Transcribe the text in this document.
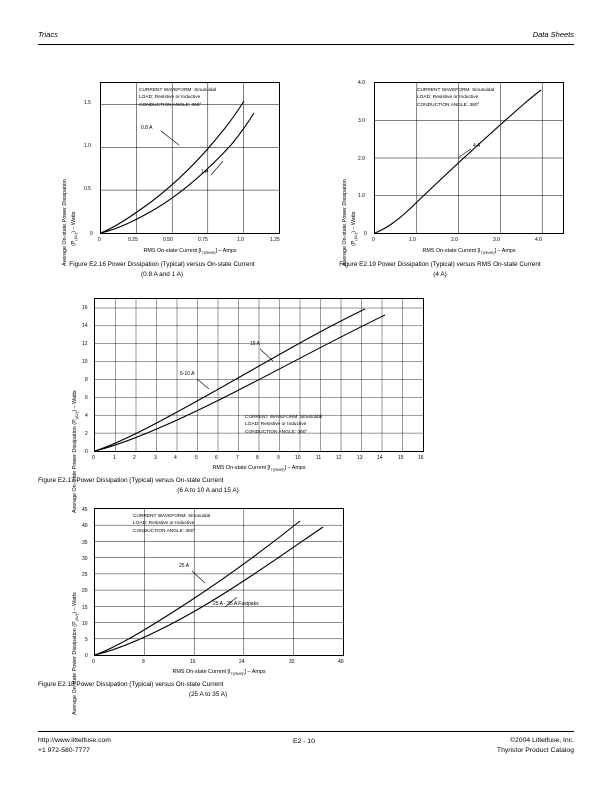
Triacs	Data Sheets
Average On-state Power Dissipation $(P_{(AV)})$ – Watts
CURRENT WAVEFORM: Sinusoidal
LOAD: Resistive or Inductive
CONDUCTION ANGLE: 360°
0.8 A
1 A
0
0.5
1.0
1.5
0	0.25	0.50	0.75	1.0	1.25
RMS On-state Current $[I_{T(RMS)}]$ – Amps
Figure E2.16 Power Dissipation (Typical) versus On-state Current
(0.8 A and 1 A)
Average On-state Power Dissipation $(P_{(AV)})$ – Watts
CURRENT WAVEFORM: Sinusoidal
LOAD: Resistive or Inductive
CONDUCTION ANGLE: 360°
4 A
0
1.0
2.0
3.0
4.0
0	1.0	2.0	3.0	4.0
RMS On-state Current $[I_{T(RMS)}]$ – Amps
Figure E2.19 Power Dissipation (Typical) versus RMS On-state Current
(4 A)
Average On-state Power Dissipation $(P_{(AV)})$ – Watts
15 A
6-10 A
CURRENT WAVEFORM: Sinusoidal
LOAD: Resistive or Inductive
CONDUCTION ANGLE: 360°
0
2
4
6
8
10
12
14
16
0	1	2	3	4	5	6	7	8	9	10	11	12	13	14	15	16
RMS On-state Current $[I_{T(RMS)}]$ – Amps
Figure E2.17 Power Dissipation (Typical) versus On-state Current
(6 A to 10 A and 15 A)
Average On-state Power Dissipation $(P_{(AV)})$ – Watts
CURRENT WAVEFORM: Sinusoidal
LOAD: Resistive or Inductive
CONDUCTION ANGLE: 360°
25 A
25 A - 35 A Fastpaks
0
5
10
15
20
25
30
35
40
45
0	8	16	24	32	40
RMS On-state Current $[I_{T(RMS)}]$ – Amps
Figure E2.18 Power Dissipation (Typical) versus On-state Current
(25 A to 35 A)
http://www.littelfuse.com
+1 972-580-7777
E2 - 10	©2004 Littelfuse, Inc.
Thyristor Product Catalog
